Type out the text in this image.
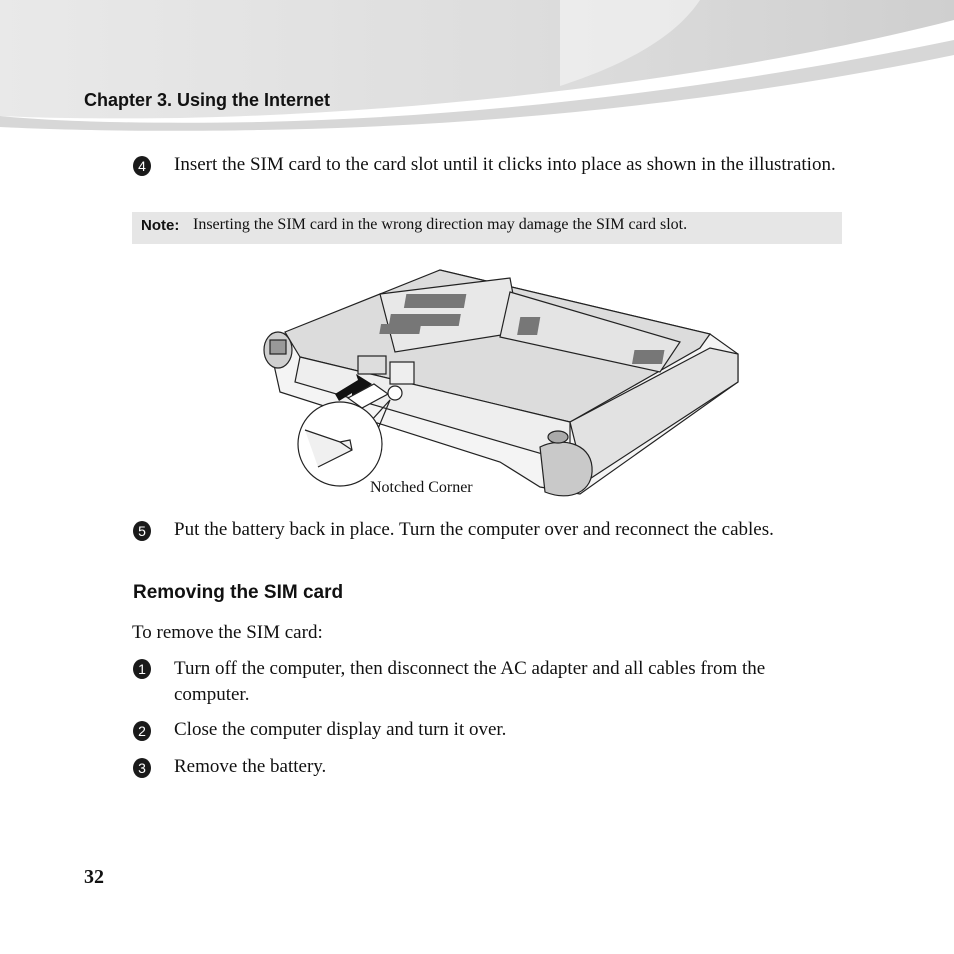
Chapter 3. Using the Internet
4 Insert the SIM card to the card slot until it clicks into place as shown in the illustration.
Note: Inserting the SIM card in the wrong direction may damage the SIM card slot.
Notched Corner
5 Put the battery back in place. Turn the computer over and reconnect the cables.
Removing the SIM card
To remove the SIM card:
1 Turn off the computer, then disconnect the AC adapter and all cables from the computer.
2 Close the computer display and turn it over.
3 Remove the battery.
32
